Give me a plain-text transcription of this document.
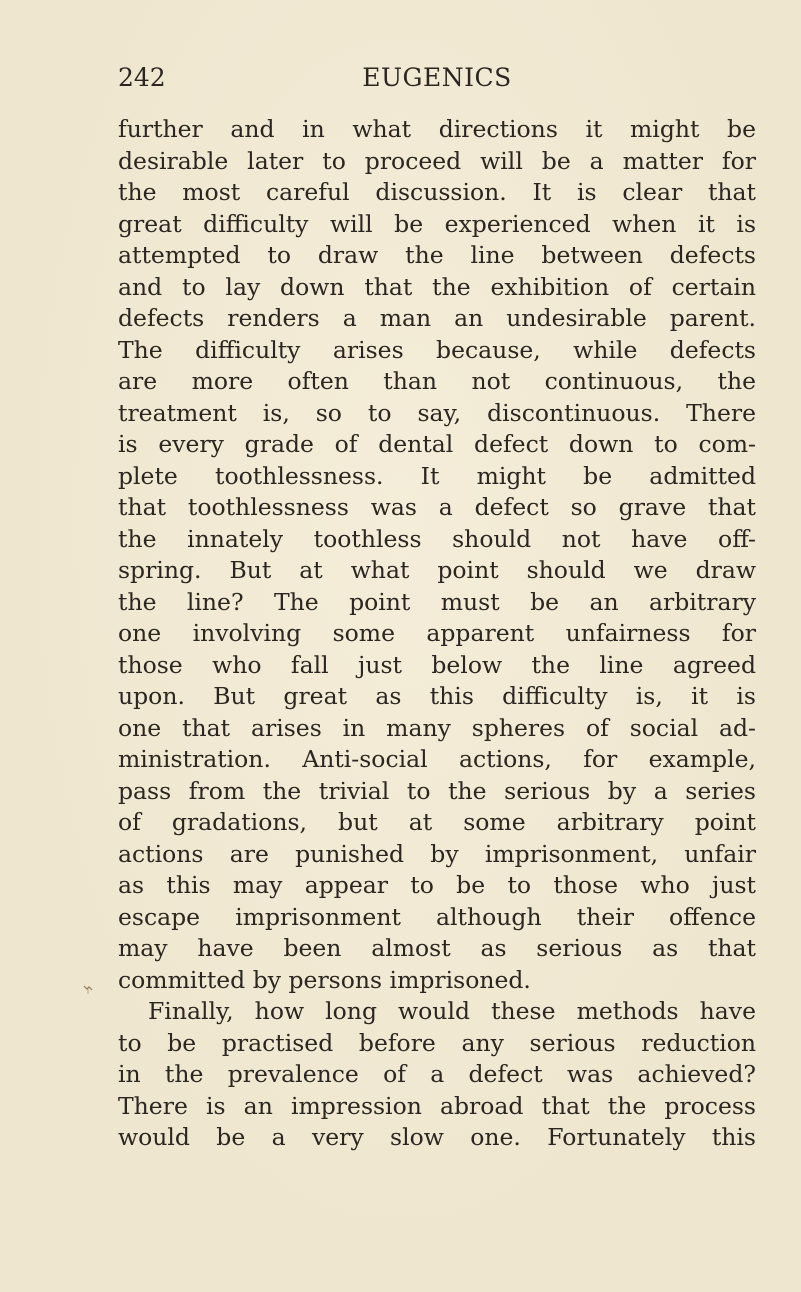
242	EUGENICS
further and in what directions it might be
desirable later to proceed will be a matter for
the most careful discussion. It is clear that
great difficulty will be experienced when it is
attempted to draw the line between defects
and to lay down that the exhibition of certain
defects renders a man an undesirable parent.
The difficulty arises because, while defects
are more often than not continuous, the
treatment is, so to say, discontinuous. There
is every grade of dental defect down to com-
plete toothlessness. It might be admitted
that toothlessness was a defect so grave that
the innately toothless should not have off-
spring. But at what point should we draw
the line? The point must be an arbitrary
one involving some apparent unfairness for
those who fall just below the line agreed
upon. But great as this difficulty is, it is
one that arises in many spheres of social ad-
ministration. Anti-social actions, for example,
pass from the trivial to the serious by a series
of gradations, but at some arbitrary point
actions are punished by imprisonment, unfair
as this may appear to be to those who just
escape imprisonment although their offence
may have been almost as serious as that
committed by persons imprisoned.
Finally, how long would these methods have
to be practised before any serious reduction
in the prevalence of a defect was achieved?
There is an impression abroad that the process
would be a very slow one. Fortunately this
